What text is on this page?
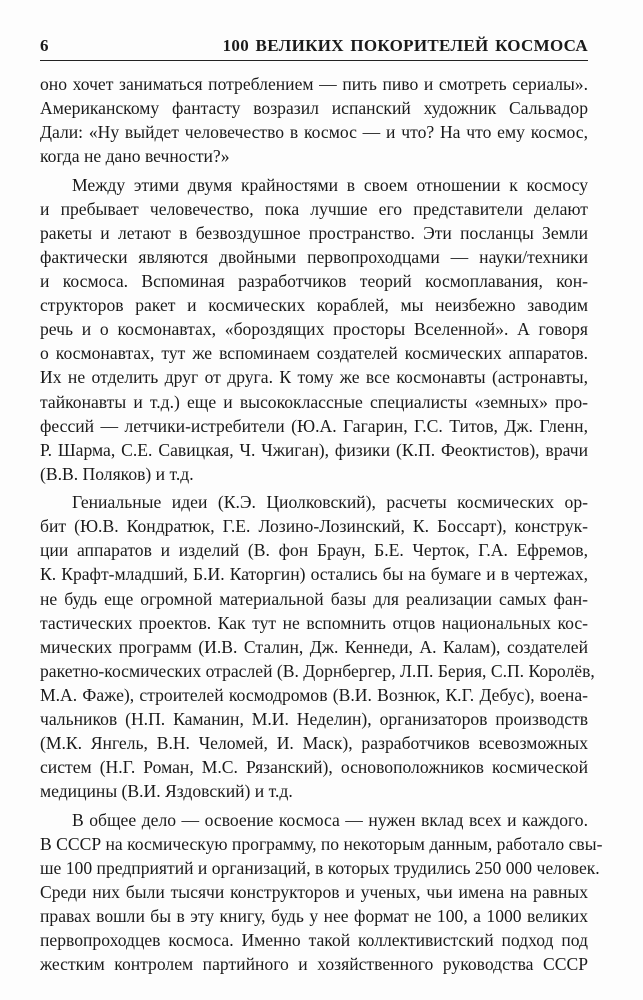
6	100 ВЕЛИКИХ ПОКОРИТЕЛЕЙ КОСМОСА
оно хочет заниматься потреблением — пить пиво и смотреть сериалы».
Американскому фантасту возразил испанский художник Сальвадор
Дали: «Ну выйдет человечество в космос — и что? На что ему космос,
когда не дано вечности?»
Между этими двумя крайностями в своем отношении к космосу
и пребывает человечество, пока лучшие его представители делают
ракеты и летают в безвоздушное пространство. Эти посланцы Земли
фактически являются двойными первопроходцами — науки/техники
и космоса. Вспоминая разработчиков теорий космоплавания, кон-
структоров ракет и космических кораблей, мы неизбежно заводим
речь и о космонавтах, «бороздящих просторы Вселенной». А говоря
о космонавтах, тут же вспоминаем создателей космических аппаратов.
Их не отделить друг от друга. К тому же все космонавты (астронавты,
тайконавты и т.д.) еще и высококлассные специалисты «земных» про-
фессий — летчики-истребители (Ю.А. Гагарин, Г.С. Титов, Дж. Гленн,
Р. Шарма, С.Е. Савицкая, Ч. Чжиган), физики (К.П. Феоктистов), врачи
(В.В. Поляков) и т.д.
Гениальные идеи (К.Э. Циолковский), расчеты космических ор-
бит (Ю.В. Кондратюк, Г.Е. Лозино-Лозинский, К. Боссарт), конструк-
ции аппаратов и изделий (В. фон Браун, Б.Е. Черток, Г.А. Ефремов,
К. Крафт-младший, Б.И. Каторгин) остались бы на бумаге и в чертежах,
не будь еще огромной материальной базы для реализации самых фан-
тастических проектов. Как тут не вспомнить отцов национальных кос-
мических программ (И.В. Сталин, Дж. Кеннеди, А. Калам), создателей
ракетно-космических отраслей (В. Дорнбергер, Л.П. Берия, С.П. Королёв,
М.А. Фаже), строителей космодромов (В.И. Вознюк, К.Г. Дебус), воена-
чальников (Н.П. Каманин, М.И. Неделин), организаторов производств
(М.К. Янгель, В.Н. Челомей, И. Маск), разработчиков всевозможных
систем (Н.Г. Роман, М.С. Рязанский), основоположников космической
медицины (В.И. Яздовский) и т.д.
В общее дело — освоение космоса — нужен вклад всех и каждого.
В СССР на космическую программу, по некоторым данным, работало свы-
ше 100 предприятий и организаций, в которых трудились 250 000 человек.
Среди них были тысячи конструкторов и ученых, чьи имена на равных
правах вошли бы в эту книгу, будь у нее формат не 100, а 1000 великих
первопроходцев космоса. Именно такой коллективистский подход под
жестким контролем партийного и хозяйственного руководства СССР
